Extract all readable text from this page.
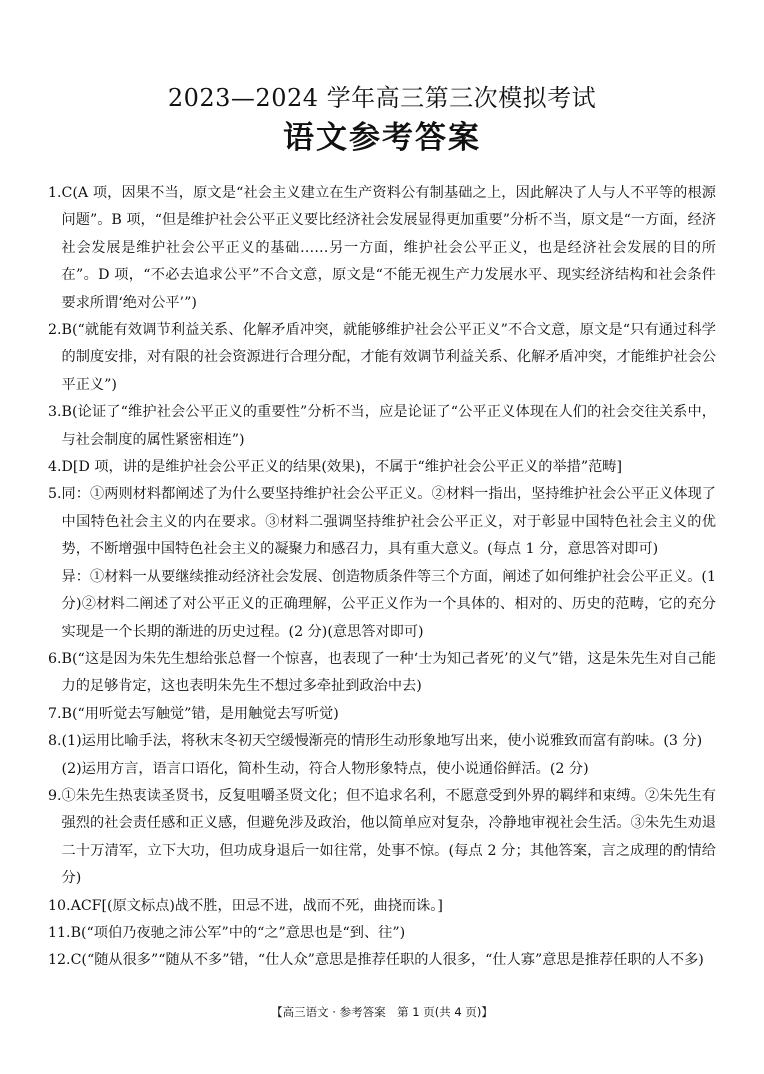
2023—2024 学年高三第三次模拟考试
语文参考答案
1. C(A 项，因果不当，原文是“社会主义建立在生产资料公有制基础之上，因此解决了人与人不平等的根源问题”。B 项，“但是维护社会公平正义要比经济社会发展显得更加重要”分析不当，原文是“一方面，经济社会发展是维护社会公平正义的基础……另一方面，维护社会公平正义，也是经济社会发展的目的所在”。D 项，“不必去追求公平”不合文意，原文是“不能无视生产力发展水平、现实经济结构和社会条件要求所谓‘绝对公平’”)
2. B(“就能有效调节利益关系、化解矛盾冲突，就能够维护社会公平正义”不合文意，原文是“只有通过科学的制度安排，对有限的社会资源进行合理分配，才能有效调节利益关系、化解矛盾冲突，才能维护社会公平正义”)
3. B(论证了“维护社会公平正义的重要性”分析不当，应是论证了“公平正义体现在人们的社会交往关系中，与社会制度的属性紧密相连”)
4. D[D 项，讲的是维护社会公平正义的结果(效果)，不属于“维护社会公平正义的举措”范畴]
5. 同：①两则材料都阐述了为什么要坚持维护社会公平正义。②材料一指出，坚持维护社会公平正义体现了中国特色社会主义的内在要求。③材料二强调坚持维护社会公平正义，对于彰显中国特色社会主义的优势，不断增强中国特色社会主义的凝聚力和感召力，具有重大意义。(每点 1 分，意思答对即可)
异：①材料一从要继续推动经济社会发展、创造物质条件等三个方面，阐述了如何维护社会公平正义。(1 分)②材料二阐述了对公平正义的正确理解，公平正义作为一个具体的、相对的、历史的范畴，它的充分实现是一个长期的渐进的历史过程。(2 分)(意思答对即可)
6. B(“这是因为朱先生想给张总督一个惊喜，也表现了一种‘士为知己者死’的义气”错，这是朱先生对自己能力的足够肯定，这也表明朱先生不想过多牵扯到政治中去)
7. B(“用听觉去写触觉”错，是用触觉去写听觉)
8. (1)运用比喻手法，将秋末冬初天空缓慢渐亮的情形生动形象地写出来，使小说雅致而富有韵味。(3 分)
(2)运用方言，语言口语化，简朴生动，符合人物形象特点，使小说通俗鲜活。(2 分)
9. ①朱先生热衷读圣贤书，反复咀嚼圣贤文化；但不追求名利，不愿意受到外界的羁绊和束缚。②朱先生有强烈的社会责任感和正义感，但避免涉及政治，他以简单应对复杂，冷静地审视社会生活。③朱先生劝退二十万清军，立下大功，但功成身退后一如往常，处事不惊。(每点 2 分；其他答案，言之成理的酌情给分)
10. ACF[(原文标点)战不胜，田忌不进，战而不死，曲挠而诛。]
11. B(“项伯乃夜驰之沛公军”中的“之”意思也是“到、往”)
12. C(“随从很多”“随从不多”错，“仕人众”意思是推荐任职的人很多，“仕人寡”意思是推荐任职的人不多)
【高三语文 · 参考答案　第 1 页(共 4 页)】
